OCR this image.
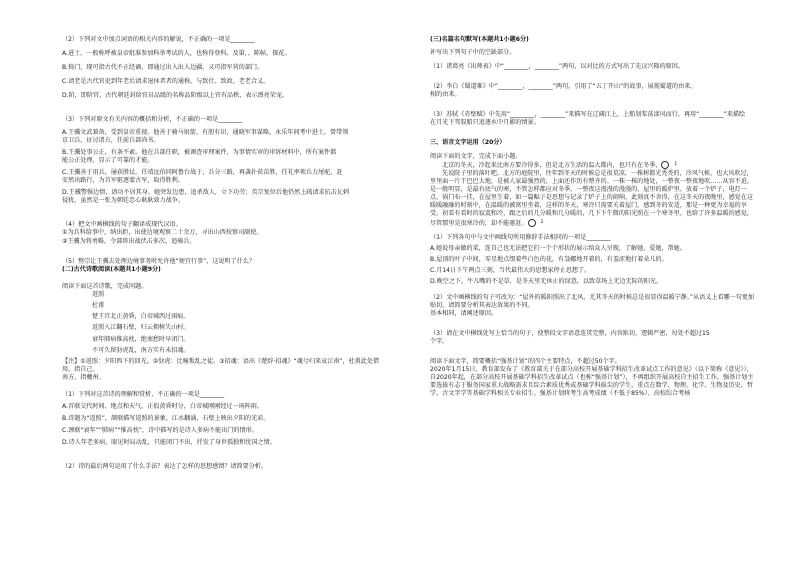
（2）下列对文中加点词语的相关内容的解说，不正确的一项是________

A.进士，一般称呼被皇帝批准参加科举考试的人，也称得登科、及第，、陈帖、探花。

B.猗门，现可指古代不正经诵，即通过出入出入边疆，又可指军营的部门。

C.请老是古代官吏到年老后请求退休者者的通称，与致仕、致政、老老合义。

D.阶，即阶官，古代朝廷封给官员品级的名称品阶级以上官有品秩，表示漂亮荣宠。

（3）下列对原文有关内容的概括和分析，不正确的一项是________

A.王骥文武兼备，受到皇帝重视。他善于骑马射箭，有胆有识，通晓军事谋略，永乐年间考中进士，曾带领

京卫兵，征讨诸方，任前兵部尚书。

B.王骥处事公正，有条不紊。他在兵部任职，被调查审理案件，为事情实审的审诉材料中，所有案件都

能公正处理，显示了可靠的才能。

C.王骥善于用兵，屡获胜仗。任靖远伯同阿鲁台战于，兵分三路，再袭扑获苗胜，任礼率领兵力尾驼，赶

安然出路行，为首军驱逐蒙古军，取得胜利。

D.王骥警惕边情，请功不居其身。她突发边患，追杀敌人，立下功劳；英宗复位后他仍然上疏请求抗击瓦剌

侵扰，虽然是一张为朝廷忠心耿耿效力战争。

（4）把文中画横线的句子翻译成现代汉语。

①为兵科给事中，纳出拒，出使边境观察二十余万，寻出山西按察司副使。

②王骥为将勇略，令部将出战伏击多次，追骑兵。

（5）整宗让王骥去处理边境事务时允许他“便宜行事”，这说明了什么？

(二)古代诗歌阅读(本题共1小题9分)

阅读下面这首诗歌，完成问题。

返照

杜甫

楚王宫北正黄昏，白帝城西过雨痕。

返照入江翻石壁，归云拥树失山村。

衰年肺病惟高枕，绝塞愁时早闭门。

不可久留豺虎乱，南方实有未招魂。

【注】①返照：夕阳西下的回光。②豺虎：比喻叛乱之徒。③招魂：语出《楚辞·招魂》“魂兮归来哀江南”，杜甫此处借用，指自己。

南方，指夔州。

（1）下列对这首诗的理解和赏析，不正确的一项是________

A.首联交代时间、地点和天气，正值黄昏时分，白帝城刚刚经过一场阵雨。

B.诗题为“返照”，颔联描写返照的景象，江水翻涌，石壁上映出夕阳的光彩。

C.颈联“衰年”“肺病”“惟高枕”，诗中描写的是诗人多病不能出门的情形。

D.诗人年老多病，眼见时局动乱，只能闭门不出，抒发了身世孤独和忧国之情。

（2）诗的最后两句运用了什么手法？表达了怎样的思想感情？请简要分析。

(三)名篇名句默写(本题共1小题6分)

补写出下列句子中的空缺部分。

（1）诸葛亮《出师表》中“________，________”两句，以对比的方式写出了先汉兴隆的原因。

（2）李白《蜀道难》中“________，________”两句，引用了“五丁开山”的故事，展现蜀道的由来。

相的由来。

（3）苏轼《赤壁赋》中先用“________，________”来描写在辽阔江上，上船划桨荡漾风而行，再用“________”来描绘

在月光下驾驭船只追逐水中月影的情景。

三、语言文字运用（20分）

阅读下面的文字，完成下面小题。

北京的冬天，冷起来比南方要冷得多，但是北方生活的温大都内，也只有在冬季，	1

先说院子里的落叶吧。北方的庭院里，往年到冬天的时候总是很荒凉，一株树都光秃秃的，冷风气候，也大风吹过，里里面一片干巴巴大地，是被人家最强烈的，上面还作历有整齐的、一株一株的地处，一整夜一整夜地吹……从容不迫，是一般明显，是最有底气的寒，不管怎样都应对冬季，一整夜这漫漫的漫漫的，屋里的暖炉里，放着一个炉子，电灯一点，锅门布一挂，在屋里生着，如一篇幅子是思想与记录了炉子上的闹响，此刻真不舍得，在这冬天的夜晚里，感觉在这暖暖融融的时刻中，在温暖的被窝里坐着，这样的冬天，寒冷只需要关着屋门，感到冬的安适，那是一种更为幸福的享受。初看有看时的寂寞和冷，跟之后的几分暖和几分暖的，几下下午微的阳光照在一个寒冬里，也给了许多温暖的感觉，尽管那里是很寒冷的，却不能驱赶。	2

（1）下列各句中与文中画线句所用修辞手法相同的一项是________

A.她说母亲做的菜，连自己也无法把它们一个个形状的展示给众人呈现，了解她，爱她，帮她。

B.屋顶的叶子中间，零星地点缀着些白色的花，有袅娜地开着的，有羞涩地打着朵儿的。

C.月14日下午两点三刻，当代最伟大的思想家停止思想了。

D.晚空之下，牛儿嘴的不是草，是冬天里无休止的绿意，以致草场上无边无际的阳光。

（2）文中画横线的句子可改为：“屋外的暖阳照出了北风，尤其冬天的时候总是很显得温暖宁静。”从语义上看哪一句更加贴切，请简要分析其表达效果的不同。

基本相同，请阐述原因。

（3）请在文中横线处写上恰当的句子，使整段文字语意连贯完整，内容贴切，逻辑严密，每处不超过15

个字。

阅读下面文字，简要概括“强基计划”的四个主要特点，不超过50个字。

2020年1月15日，教育部发布了《教育部关于在部分高校开展基础学科招生改革试点工作的意见》（以下简称《意见》），自2020年起，在部分高校开展基础学科招生改革试点（也称“强基计划”），不再组织开展高校自主招生工作。强基计划主要选拔有志于服务国家重大战略需求且综合素质优秀或基础学科拔尖的学生，重点在数学、物理、化学、生物及历史、哲学、古文字学等基础学科相关专业招生。强基计划将考生高考成绩（不低于85%）、高校综合考核
